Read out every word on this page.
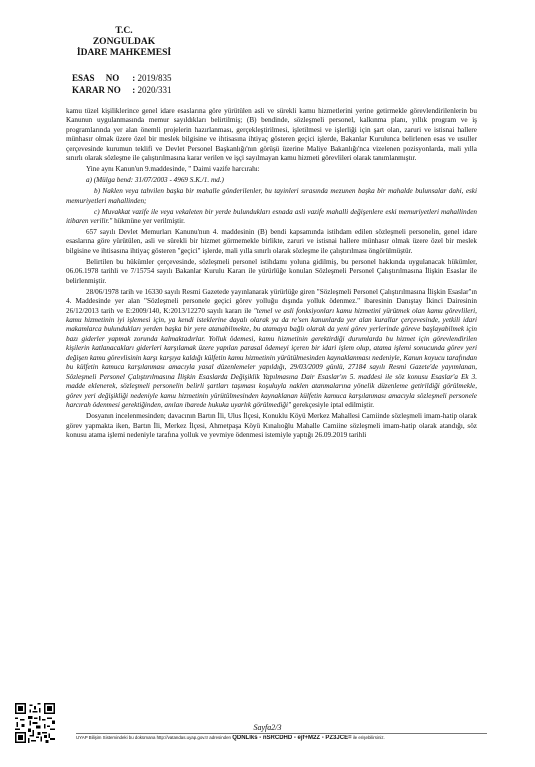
T.C.
ZONGULDAK
İDARE MAHKEMESİ
ESAS NO : 2019/835
KARAR NO : 2020/331

kamu tüzel kişiliklerince genel idare esaslarına göre yürütülen asli ve sürekli kamu hizmetlerini yerine getirmekle görevlendirilenlerin bu Kanunun uygulanmasında memur sayıldıkları belirtilmiş; (B) bendinde, sözleşmeli personel, kalkınma planı, yıllık program ve iş programlarında yer alan önemli projelerin hazırlanması, gerçekleştirilmesi, işletilmesi ve işlerliği için şart olan, zaruri ve istisnai hallere münhasır olmak üzere özel bir meslek bilgisine ve ihtisasına ihtiyaç gösteren geçici işlerde, Bakanlar Kurulunca belirlenen esas ve usuller çerçevesinde kurumun teklifi ve Devlet Personel Başkanlığı'nın görüşü üzerine Maliye Bakanlığı'nca vizelenen pozisyonlarda, mali yılla sınırlı olarak sözleşme ile çalıştırılmasına karar verilen ve işçi sayılmayan kamu hizmeti görevlileri olarak tanımlanmıştır.

Yine aynı Kanun'un 9.maddesinde, " Daimi vazife harcırahı:

a) (Mülga bend: 31/07/2003 - 4969 S.K./1. md.)

b) Naklen veya tahvilen başka bir mahalle gönderilenler, bu tayinleri sırasında mezunen başka bir mahalde bulunsalar dahi, eski memuriyetleri mahallinden;

c) Muvakkat vazife ile veya vekaleten bir yerde bulundukları esnada asli vazife mahalli değişenlere eski memuriyetleri mahallinden itibaren verilir." hükmüne yer verilmiştir.

657 sayılı Devlet Memurları Kanunu'nun 4. maddesinin (B) bendi kapsamında istihdam edilen sözleşmeli personelin, genel idare esaslarına göre yürütülen, asli ve sürekli bir hizmet görmemekle birlikte, zaruri ve istisnai hallere münhasır olmak üzere özel bir meslek bilgisine ve ihtisasına ihtiyaç gösteren "geçici" işlerde, mali yılla sınırlı olarak sözleşme ile çalıştırılması öngörülmüştür.

Belirtilen bu hükümler çerçevesinde, sözleşmeli personel istihdamı yoluna gidilmiş, bu personel hakkında uygulanacak hükümler, 06.06.1978 tarihli ve 7/15754 sayılı Bakanlar Kurulu Kararı ile yürürlüğe konulan Sözleşmeli Personel Çalıştırılmasına İlişkin Esaslar ile belirlenmiştir.

28/06/1978 tarih ve 16330 sayılı Resmi Gazetede yayınlanarak yürürlüğe giren "Sözleşmeli Personel Çalıştırılmasına İlişkin Esaslar"ın 4. Maddesinde yer alan "Sözleşmeli personele geçici görev yolluğu dışında yolluk ödenmez." ibaresinin Danıştay İkinci Dairesinin 26/12/2013 tarih ve E:2009/140, K:2013/12270 sayılı kararı ile "temel ve asli fonksiyonları kamu hizmetini yürütmek olan kamu görevlileri, kamu hizmetinin iyi işlemesi için, ya kendi isteklerine dayalı olarak ya da re'sen kanunlarda yer alan kurallar çerçevesinde, yetkili idari makamlarca bulundukları yerden başka bir yere atanabilmekte, bu atamaya bağlı olarak da yeni görev yerlerinde göreve başlayabilmek için bazı giderler yapmak zorunda kalmaktadırlar. Yolluk ödemesi, kamu hizmetinin gerektirdiği durumlarda bu hizmet için görevlendirilen kişilerin katlanacakları giderleri karşılamak üzere yapılan parasal ödemeyi içeren bir idari işlem olup, atama işlemi sonucunda görev yeri değişen kamu görevlisinin karşı karşıya kaldığı külfetin kamu hizmetinin yürütülmesinden kaynaklanması nedeniyle, Kanun koyucu tarafından bu külfetin kamuca karşılanması amacıyla yasal düzenlemeler yapıldığı, 29/03/2009 günlü, 27184 sayılı Resmi Gazete'de yayımlanan, Sözleşmeli Personel Çalıştırılmasına İlişkin Esaslarda Değişiklik Yapılmasına Dair Esaslar'ın 5. maddesi ile söz konusu Esaslar'a Ek 3. madde eklenerek, sözleşmeli personelin belirli şartları taşıması koşuluyla naklen atanmalarına yönelik düzenleme getirildiği görülmekle, görev yeri değişikliği nedeniyle kamu hizmetinin yürütülmesinden kaynaklanan külfetin kamuca karşılanması amacıyla sözleşmeli personele harcırah ödenmesi gerektiğinden, anılan ibarede hukuka uyarlık görülmediği" gerekçesiyle iptal edilmiştir.

Dosyanın incelenmesinden; davacının Bartın İli, Ulus İlçesi, Konuklu Köyü Merkez Mahallesi Camiinde sözleşmeli imam-hatip olarak görev yapmakta iken, Bartın İli, Merkez İlçesi, Ahmetpaşa Köyü Kınalıoğlu Mahalle Camiine sözleşmeli imam-hatip olarak atandığı, söz konusu atama işlemi nedeniyle tarafına yolluk ve yevmiye ödenmesi istemiyle yaptığı 26.09.2019 tarihli

Sayfa2/3
UYAP Bilişim Sistemindeki bu dokümana http://vatandas.uyap.gov.tr adresinden QDNLlks - nSRCDHD - ejf+M2Z - PZ3JCE= ile erişebilirsiniz.
